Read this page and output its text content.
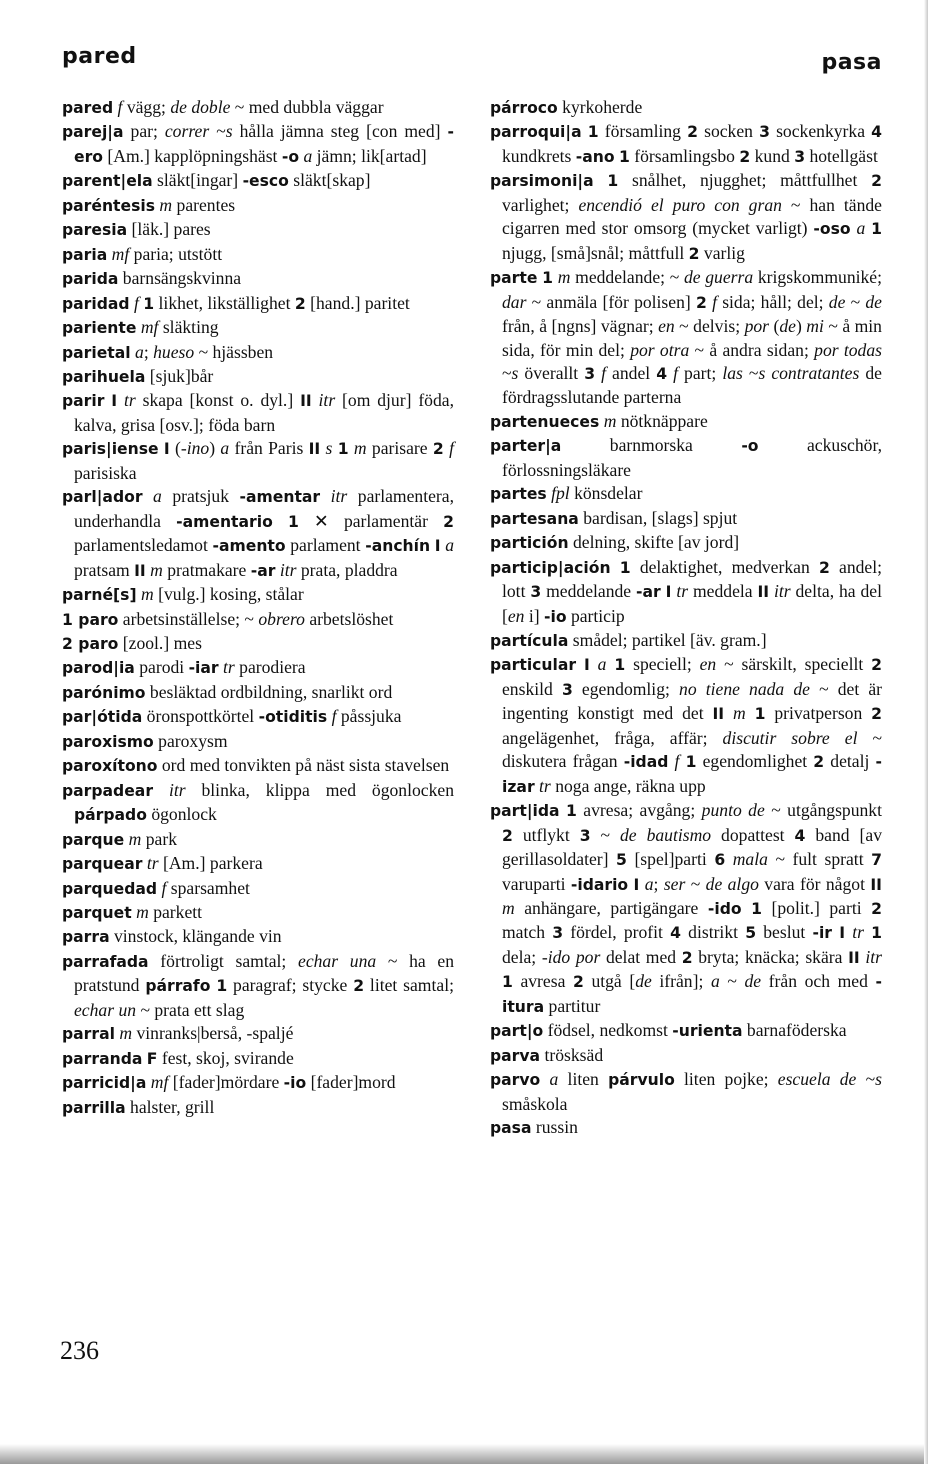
pared	pasa
pared f vägg; de doble ~ med dubbla väggar
parej|a par; correr ~s hålla jämna steg [con med] -ero [Am.] kapplöpningshäst -o a jämn; lik[artad]
parent|ela släkt[ingar] -esco släkt[skap]
paréntesis m parentes
paresia [läk.] pares
paria mf paria; utstött
parida barnsängskvinna
paridad f 1 likhet, likställighet 2 [hand.] paritet
pariente mf släkting
parietal a; hueso ~ hjässben
parihuela [sjuk]bår
parir I tr skapa [konst o. dyl.] II itr [om djur] föda, kalva, grisa [osv.]; föda barn
paris|iense I (-ino) a från Paris II s 1 m parisare 2 f parisiska
parl|ador a pratsjuk -amentar itr parlamentera, underhandla -amentario 1 ✕ parlamentär 2 parlamentsledamot -amento parlament -anchín I a pratsam II m pratmakare -ar itr prata, pladdra
parné[s] m [vulg.] kosing, stålar
1 paro arbetsinställelse; ~ obrero arbetslöshet
2 paro [zool.] mes
parod|ia parodi -iar tr parodiera
parónimo besläktad ordbildning, snarlikt ord
par|ótida öronspottkörtel -otiditis f påssjuka
paroxismo paroxysm
paroxítono ord med tonvikten på näst sista stavelsen
parpadear itr blinka, klippa med ögonlocken párpado ögonlock
parque m park
parquear tr [Am.] parkera
parquedad f sparsamhet
parquet m parkett
parra vinstock, klängande vin
parrafada förtroligt samtal; echar una ~ ha en pratstund párrafo 1 paragraf; stycke 2 litet samtal; echar un ~ prata ett slag
parral m vinranks|berså, -spaljé
parranda F fest, skoj, svirande
parricid|a mf [fader]mördare -io [fader]mord
parrilla halster, grill
párroco kyrkoherde
parroqui|a 1 församling 2 socken 3 sockenkyrka 4 kundkrets -ano 1 församlingsbo 2 kund 3 hotellgäst
parsimoni|a 1 snålhet, njugghet; måttfullhet 2 varlighet; encendió el puro con gran ~ han tände cigarren med stor omsorg (mycket varligt) -oso a 1 njugg, [små]snål; måttfull 2 varlig
parte 1 m meddelande; ~ de guerra krigskommuniké; dar ~ anmäla [för polisen] 2 f sida; håll; del; de ~ de från, å [ngns] vägnar; en ~ delvis; por (de) mi ~ å min sida, för min del; por otra ~ å andra sidan; por todas ~s överallt 3 f andel 4 f part; las ~s contratantes de fördragsslutande parterna
partenueces m nötknäppare
parter|a barnmorska -o ackuschör, förlossningsläkare
partes fpl könsdelar
partesana bardisan, [slags] spjut
partición delning, skifte [av jord]
particip|ación 1 delaktighet, medverkan 2 andel; lott 3 meddelande -ar I tr meddela II itr delta, ha del [en i] -io particip
partícula smådel; partikel [äv. gram.]
particular I a 1 speciell; en ~ särskilt, speciellt 2 enskild 3 egendomlig; no tiene nada de ~ det är ingenting konstigt med det II m 1 privatperson 2 angelägenhet, fråga, affär; discutir sobre el ~ diskutera frågan -idad f 1 egendomlighet 2 detalj -izar tr noga ange, räkna upp
part|ida 1 avresa; avgång; punto de ~ utgångspunkt 2 utflykt 3 ~ de bautismo dopattest 4 band [av gerillasoldater] 5 [spel]parti 6 mala ~ fult spratt 7 varuparti -idario I a; ser ~ de algo vara för något II m anhängare, partigängare -ido 1 [polit.] parti 2 match 3 fördel, profit 4 distrikt 5 beslut -ir I tr 1 dela; -ido por delat med 2 bryta; knäcka; skära II itr 1 avresa 2 utgå [de ifrån]; a ~ de från och med -itura partitur
part|o födsel, nedkomst -urienta barnaföderska
parva trösksäd
parvo a liten párvulo liten pojke; escuela de ~s småskola
pasa russin
236
